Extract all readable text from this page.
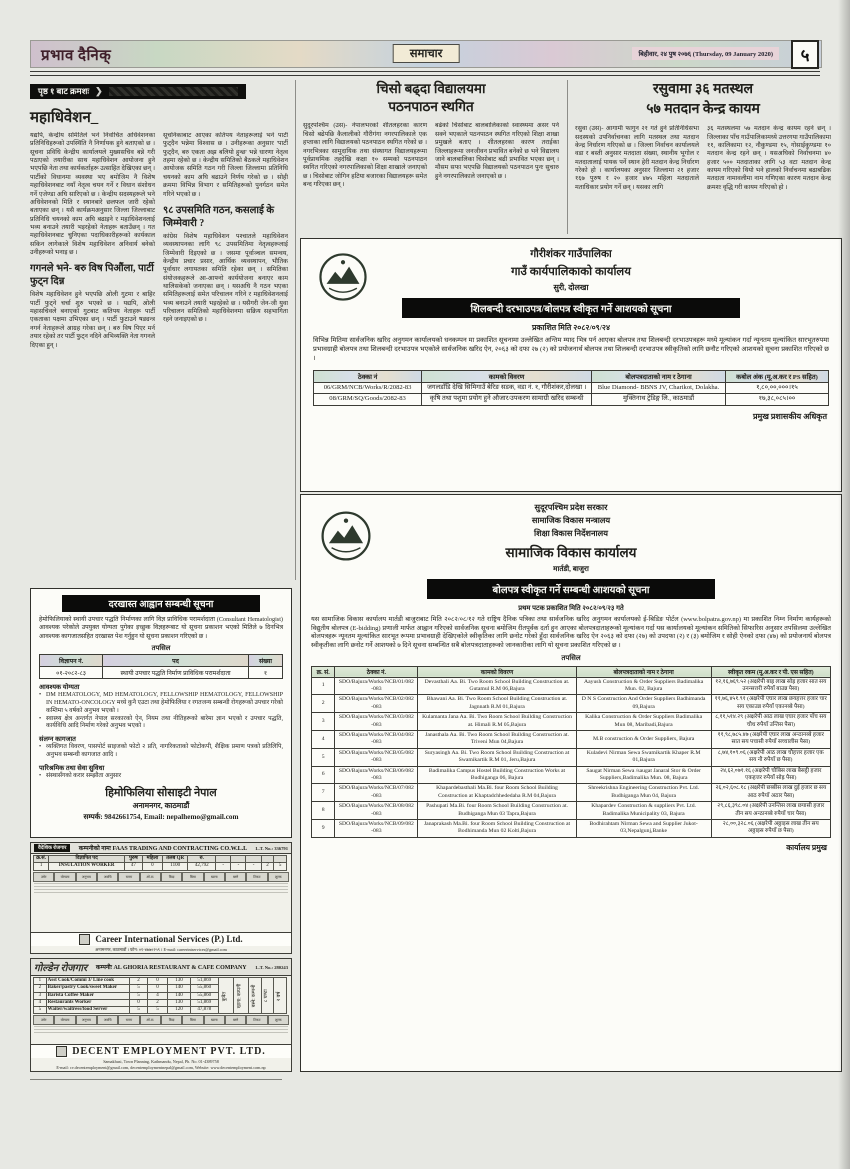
प्रभाव दैनिक्	समाचार	बिहीवार, २४ पुष २०७६ (Thursday, 09 January 2020)	५
पृष्ठ १ बाट क्रमशः ❯
महाधिवेशन_
यद्यपि, केन्द्रीय समितिले भने निर्वाचित अधिवेशनका प्रतिनिधिहरूको उपस्थिति नै निर्णायक हुने बताएको छ । सूचना प्रविधि केन्द्रीय कार्यालयले मुख्यसचिव बन्ने गरी पठाएको तयारीका साथ महाधिवेशन आयोजना हुने भएपछि नेता तथा कार्यकर्ताहरू उत्साहित देखिएका छन् । पार्टीको विधानमा व्यवस्था भए बमोजिम नै विशेष महाधिवेशनबाट नयाँ नेतृत्व चयन गर्ने र विधान संशोधन गर्ने एजेण्डा अघि सारिएको छ । केन्द्रीय सदस्यहरूले भने अधिवेशनको मिति र स्थानबारे छलफल जारी रहेको बताएका छन् । यसै कार्यक्रमअनुसार जिल्ला जिल्लाबाट प्रतिनिधि चयनको काम अघि बढाइने र महाधिवेशनलाई भव्य बनाउने तयारी भइरहेको नेताहरू बताउँछन् । गत महाधिवेशनबाट चुनिएका पदाधिकारीहरूको कार्यकाल सकिन लागेकाले विशेष महाधिवेशन अनिवार्य बनेको उनीहरूको भनाइ छ ।
गगनले भने- बरु विष पिऔंला, पार्टी फुट्न दिन्न
विशेष महाधिवेशन हुने भएपछि ओली गुटमा र बाहिर पार्टी फुट्ने चर्चा शुरु भएको छ । यद्यपि, ओली महासचिवले बनाएको गुटबाट कतिपय नेताहरू पार्टी एकताका पक्षमा उभिएका छन् । पार्टी फुटाउने षड्यन्त्र नगर्न नेताहरूले आग्रह गरेका छन् । बरु विष पिएर मर्न तयार रहेको तर पार्टी फुट्न नदिने अभिव्यक्ति नेता गगनले दिएका हुन् ।
सूचनिकाबाट आएका कतिपय नेताहरूलाई भने पार्टी फुट्दैन भन्नेमा विश्वास छ । उनीहरूका अनुसार 'पार्टी फुट्दैन, बरु एकता अझ बलियो हुन्छ' भन्ने धारणा नेतृत्व तहमा रहेको छ । केन्द्रीय समितिको बैठकले महाधिवेशन आयोजक समिति गठन गरी जिल्ला जिल्लामा प्रतिनिधि चयनको काम अघि बढाउने निर्णय गरेको छ । सोही क्रममा विभिन्न विभाग र समितिहरूको पुनर्गठन समेत गरिने भएको छ ।
९८ उपसमिति गठन, कसलाई के जिम्मेवारी ?
कांग्रेस विशेष महाधिवेशन पश्चातले महाधिवेशन व्यवस्थापनका लागि ९८ उपसमितिमा नेतृत्वहरूलाई जिम्मेवारी दिइएको छ । जसमा पूर्वाञ्चल समन्वय, केन्द्रीय प्रचार प्रसार, आर्थिक व्यवस्थापन, भौतिक पूर्वाधार लगायतका समिति रहेका छन् । समितिका संयोजकहरूले आ-आफ्नो कार्ययोजना बनाएर काम थालिसकेको जनाएका छन् । यसअघि नै गठन भएका समितिहरूलाई समेत परिचालन गरिने र महाधिवेशनलाई भव्य बनाउने तयारी भइरहेको छ । यसैगरी जेन-जी युवा परिचालन समितिको महाधिवेशनमा सक्रिय सहभागिता रहने जनाइएको छ ।
चिसो बढ्दा विद्यालयमा
पठनपाठन स्थगित
सुदूरपश्चिम (उस)- नेपालभरको शीतलहरका कारण चिसो बढेपछि कैलालीको गौरीगंगा नगरपालिकाले एक हप्ताका लागि विद्यालयको पठनपाठन स्थगित गरेको छ । नगरभित्रका सामुदायिक तथा संस्थागत विद्यालयहरूमा पूर्वप्राथमिक तहदेखि कक्षा १० सम्मको पठनपाठन स्थगित गरिएको नगरपालिकाको शिक्षा शाखाले जनाएको छ । चिसोबाट जोगिन हटिया बजारका विद्यालयहरू समेत बन्द गरिएका छन् ।
बढेको चिसोबाट बालबालिकाको स्वास्थ्यमा असर पर्न सक्ने भएकाले पठनपाठन स्थगित गरिएको शिक्षा शाखा प्रमुखले बताए । शीतलहरका कारण तराईका जिल्लाहरूमा जनजीवन प्रभावित बनेको छ भने विद्यालय जाने बालबालिका चिसोबाट बढी प्रभावित भएका छन् । मौसम सफा भएपछि विद्यालयको पठनपाठन पुनः सुचारु हुने नगरपालिकाले जनाएको छ ।
रसुवामा ३६ मतस्थल
५७ मतदान केन्द्र कायम
रसुवा (उस)- आगामी फागुन २१ गते हुने प्रतिनिधिसभा सदस्यको उपनिर्वाचनका लागि मतस्थल तथा मतदान केन्द्र निर्धारण गरिएको छ । जिल्ला निर्वाचन कार्यालयले वडा र बस्ती अनुसार मतदाता संख्या, स्थानीय भूगोल र मतदातालाई पायक पर्ने स्थान हेरी मतदान केन्द्र निर्धारण गरेको हो । कार्यालयका अनुसार जिल्लामा २१ हजार १६७ पुरुष र २० हजार ४७५ महिला मतदाताले मताधिकार प्रयोग गर्ने छन् । यसका लागि
३६ मतस्थलमा ५७ मतदान केन्द्र कायम रहने छन् । जिल्लाका पाँच गाउँपालिकामध्ये उत्तरगया गाउँपालिकामा ११, कालिकामा १२, नौकुण्डमा १५, गोसाईकुण्डमा १० मतदान केन्द्र रहने छन् । यसअघिको निर्वाचनमा ४० हजार ५०० मतदाताका लागि ५३ वटा मतदान केन्द्र कायम गरिएको थियो भने हालको निर्वाचनमा बढाबढिक मतदाता नामावलीमा नाम गणिएका कारण मतदान केन्द्र क्रमशः वृद्धि गरी कायम गरिएको हो ।
गौरीशंकर गाउँपालिका
गाउँ कार्यपालिकाको कार्यालय
सुरी, दोलखा
शिलबन्दी दरभाउपत्र/बोलपत्र स्वीकृत गर्ने आशयको सूचना
प्रकाशित मिति २०८२/०९/२४
विभिन्न मितिमा सार्वजनिक खरिद अनुगमन कार्यालयको धनकम्पन मा प्रकाशित सूचनामा उल्लेखित अन्तिम म्याद भित्र पर्न आएका बोलपत्र तथा शिलबन्दी दरभाउपत्रहरू मध्ये मूल्यांकन गर्दा न्यूनतम मूल्यांकित सारभूतरुपमा प्रभावग्राही बोलपत्र तथा शिलबन्दी दरभाउपत्र भएकोले सार्वजनिक खरिद ऐन, २०६३ को दफा २७ (२) को प्रयोजनार्थ बोलपत्र तथा शिलबन्दी दरभाउपत्र स्वीकृतिको लागि छनौट गरिएको आशयको सूचना प्रकाशित गरिएको छ ।
ठेक्का नं	कामको विवरण	बोलपत्रदाताको नाम र ठेगाना	कबोल अंक (मू.अ.कर र PS सहित)
06/GRM/NCB/Works/R/2082-83	जगलडाँडि देखि सिमिगाउँ बेरिङ सडक, वडा नं. १, गौरीशंकर,दोलखा ।	Blue Diamond- BBNS JV, Charikot, Dolakha.	१,८०,००,०००।१५
08/GRM/SQ/Goods/2082-83	कृषि तथा पशुमा प्रयोग हुने औजार/उपकरण सामाग्री खरिद सम्बन्धी	मुक्तिनाथ ट्रेडिङ्ग लि., काठमाडौं	१७,३८,०८५।००
प्रमुख प्रशासकीय अधिकृत
सुदूरपश्चिम प्रदेश सरकार
सामाजिक विकास मन्त्रालय
शिक्षा विकास निर्देशनालय
सामाजिक विकास कार्यालय
मार्तडी, बाजुरा
बोलपत्र स्वीकृत गर्ने सम्बन्धी आशयको सूचना
प्रथम पटक प्रकाशित मिति २०८२/०९/२३ गते
यस सामाजिक विकास कार्यालय मार्तडी बाजुराबाट मिति २०८२/०८/१२ गते राष्ट्रिय दैनिक पत्रिका तथा सार्वजनिक खरिद अनुगमन कार्यालयको ई-बिडिङ पोर्टल (www.bolpatra.gov.np) मा प्रकाशित निम्न निर्माण कार्यहरूको विद्युतीय बोलपत्र (E-bidding) प्रणाली मार्फत आह्वान गरिएको सार्वजनिक सूचना बमोजिम रीतपूर्वक दर्ता हुन आएका बोलपत्रदाताहरूको मूल्यांकन गर्दा यस कार्यालयको मूल्यांकन समितिको सिफारिस अनुसार तपसिलमा उल्लेखित बोलपत्रहरू न्यूनतम मूल्यांकित सारभूत रूपमा प्रभावग्राही देखिएकोले स्वीकृतिका लागि छनोट गरेको हुँदा सार्वजनिक खरिद ऐन २०६३ को दफा (२७) को उपदफा (२) र (३) बमोजिम र सोही ऐनको दफा (४७) को प्रयोजनार्थ बोलपत्र स्वीकृतीका लागि छनोट गर्ने आशयको ७ दिने सूचना सम्बन्धित सबै बोलपत्रदाताहरूको जानकारीका लागि यो सूचना प्रकाशित गरिएको छ ।
तपसिल
क्र. सं.	ठेक्का नं.	कामको विवरण	बोलपत्रदाताको नाम र ठेगाना	स्वीकृत रकम (मू.अ.कर र पी. एस सहित)
1	SDO/Bajura/Works/NCB/01/082-083	Devasthali Aa. Bi. Two Room School Building Construction at. Gutamul R.M 06,Bajura	Aayush Construction & Order Suppliers Badimalika Mun. 02, Bajura	१२,१६,७६९.५२ (अक्षरेपी बाह्र लाख सोह्र हजार सात सय उनन्सत्तरी रुपैयाँ बाउन्न पैसा)
2	SDO/Bajura/Works/NCB/02/082-083	Bhawani Aa. Bi. Two Room School Building Construction at. Jagnnath R.M 01,Bajura	D N S Construction And Order Suppliers Badhimanda 09,Bajura	११,७६,४५१.९१ (अक्षरेपी एघार लाख छयहत्तर हजार चार सय एकाउन्न रुपैयाँ एकानब्बे पैसा)
3	SDO/Bajura/Works/NCB/03/082-083	Kulamanta Jana Aa. Bi. Two Room School Building Construction at. Himali R.M 05,Bajura	Kalika Construction & Order Suppliers Badimalika Mun 08, Maribadi,Bajura	८,११,५१४.२९ (अक्षरेपी आठ लाख एघार हजार पाँच सय चौध रुपैयाँ उन्तिस पैसा)
4	SDO/Bajura/Works/NCB/04/082-083	Janasthala Aa. Bi. Two Room School Building Construction at. Triveni Mun 04,Bajura	M.B construction & Order Suppliers, Bajura	११,९८,७८५.४७ (अक्षरेपी एघार लाख अन्ठानब्बे हजार सात सय पचासी रुपैयाँ सच्चालीस पैसा)
5	SDO/Bajura/Works/NCB/05/082-083	Suryasingh Aa. Bi. Two Room School Building Construction at Swamikartik R.M 01, Jeru,Bajura	Kuladevi Nirman Sewa Swamikartik Khaper R.M 01,Bajura	८,७४,१०९.०६ (अक्षरेपी आठ लाख चौहत्तर हजार एक सय नौ रुपैयाँ छ पैसा)
6	SDO/Bajura/Works/NCB/06/082-083	Badimalika Campus Hostel Building Construction Works at Budhiganga 06, Bajura	Saugat Nirman Sewa /saugat Janaral Stor & Order Suppliers,Badimalika Mun. 08, Bajura	२४,६२,०७१.१६ (अक्षरेपी चौबिस लाख बैसट्ठी हजार एकहत्तर रुपैयाँ सोह्र पैसा)
7	SDO/Bajura/Works/NCB/07/082-083	Khapardebasthali Ma.Bi. four Room School Building Construction at Khaptadchhededaha R.M 04,Bajura	Shreekrishna Engineering Construction Pvt. Ltd. Budhiganga Mun 04, Bajura	२६,०२,६०८.१८ (अक्षरेपी छब्बीस लाख दुई हजार छ सय आठ रुपैयाँ अठार पैसा)
8	SDO/Bajura/Works/NCB/08/082-083	Pashupati Ma.Bi. four Room School Building Construction at. Budhiganga Mun 03 Tapra,Bajura	Khapardev Construction & suppliers Pvt. Ltd. Badimalika Municipality 03, Bajura	२९,८६,३९८.०४ (अक्षरेपी उनन्तिस लाख छयासी हजार तीन सय अन्ठानब्बे रुपैयाँ चार पैसा)
9	SDO/Bajura/Works/NCB/09/082-083	Janaprakash Ma.Bi. four Room School Building Construction at Bodhimanda Mun 02 Kolti,Bajura	Bodhirahtam Nirman Sewa and Supplier Jukot-03,Nepalgunj,Banke	२८,००,३२८.०६ (अक्षरेपी अठ्ठाइस लाख तीन सय अठ्ठाइस रुपैयाँ छ पैसा)
कार्यालय प्रमुख
दरखास्त आह्वान सम्बन्धी सूचना
हेमोफिलियाको स्थायी उपचार पद्धति निर्माणका लागि विज्ञ प्राविधिक परामर्शदाता (Consultant Hematologist) आवश्यक परेकोले उपयुक्त योग्यता पुगेका इच्छुक विज्ञहरूबाट यो सूचना प्रकाशन भएको मितिले ७ दिनभित्र आवश्यक कागजातसहित दरखास्त पेश गर्नुहुन यो सूचना प्रकाशन गरिएको छ ।
तपसिल
विज्ञापन नं.	पद	संख्या
०१-२०८२-८३	स्थायी उपचार पद्धति निर्माण प्राविधिक परामर्शदाता	१
आवश्यक योग्यता
• DM HEMATOLOGY, MD HEMATOLOGY, FELLOWSHIP HEMATOLOGY, FELLOWSHIP IN HEMATO-ONCOLOGY मध्ये कुनै एउटा तथा हेमोफिलिया र रगतजन्य सम्बन्धी रोगहरूको उपचार गरेको कम्तिमा ५ वर्षको अनुभव भएको ।
• स्वास्थ्य क्षेत्र अन्तर्गत नेपाल सरकारको ऐन, नियम तथा नीतिहरूको बारेमा ज्ञान भएको र उपचार पद्धति, कार्यविधि आदि निर्माण गरेको अनुभव भएको ।
संलग्न कागजात
• व्यक्तिगत विवरण, पासपोर्ट साइजको फोटो २ प्रति, नागरिकताको फोटोकपी, शैक्षिक प्रमाण पत्रको प्रतिलिपि, अनुभव सम्बन्धी कागजात आदि ।
पारिश्रमिक तथा सेवा सुविधा
• संस्थासँगको करार सम्झौता अनुसार
हिमोफिलिया सोसाइटी नेपाल
अनामनगर, काठमाडौं
सम्पर्क: 9842661754, Email: nepalhemo@gmail.com
वैदेशिक रोजगार	कम्पनीको नामः FAAS TRADING AND CONTRACTING CO.W.L.L	L.T. No.: 336791
क्र.सं.	विज्ञापित पद	पुरुष	महिला	तलब QR	रु.					
1	INSULATION WORKER	47	0	1100	42,792	-	-	-	2	5
उमेर	योग्यता	अनुभव	अवधि	घण्टा	ओ.टा.	बिदा	बिमा	खाना	बस्ने	टिकट	शुल्क
Career International Services (P.) Ltd.
अनामनगर, काठमाडौं । फोन: ०१-४७७०२५९ । E-mail: careerintservices@gmail.com
गोल्डेन रोजगार	कम्पनीः AL GHORIA RESTAURANT & CAFE COMPANY	L.T. No.: 280243
1	Asst Cook/Commi 3/ Line cook	2	0	130	51,869	कुवेत	खाना: कम्पनी	बस्ने: कम्पनी	८ घण्टा	२ वर्ष
2	Baker/pastry Cook/sweet Maker	5	0	140	55,860					
3	Barista Coffee Maker	5	4	140	55,860					
4	Restaurants Worker	0	2	130	51,869					
5	Waiter/waitress/food Server	5	5	120	47,878					
उमेर	योग्यता	अनुभव	अवधि	घण्टा	ओ.टा.	बिदा	बिमा	खाना	बस्ने	टिकट	शुल्क
DECENT EMPLOYMENT PVT. LTD.
Samakhusi, Town Planning, Kathmandu, Nepal, Ph. No. 01-4389758
E-mail: cv.decentemployment@gmail.com, decentemploymentnepal@gmail.com, Website: www.decentemployment.com.np
